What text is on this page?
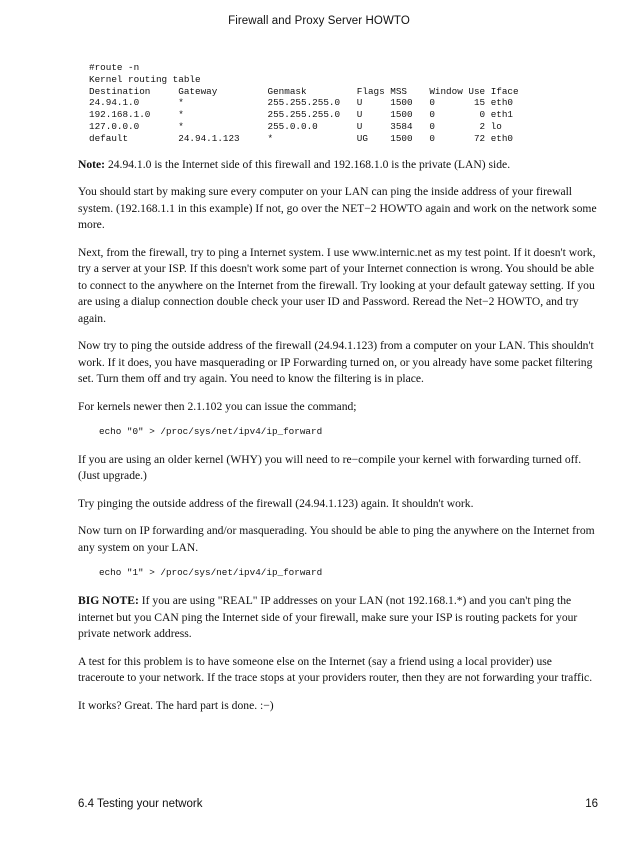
Firewall and Proxy Server HOWTO
#route -n
Kernel routing table
Destination     Gateway         Genmask         Flags MSS    Window Use Iface
24.94.1.0       *               255.255.255.0   U     1500   0       15 eth0
192.168.1.0     *               255.255.255.0   U     1500   0        0 eth1
127.0.0.0       *               255.0.0.0       U     3584   0        2 lo
default         24.94.1.123     *               UG    1500   0       72 eth0

Note: 24.94.1.0 is the Internet side of this firewall and 192.168.1.0 is the private (LAN) side.

You should start by making sure every computer on your LAN can ping the inside address of your firewall system. (192.168.1.1 in this example) If not, go over the NET−2 HOWTO again and work on the network some more.

Next, from the firewall, try to ping a Internet system. I use www.internic.net as my test point. If it doesn't work, try a server at your ISP. If this doesn't work some part of your Internet connection is wrong. You should be able to connect to the anywhere on the Internet from the firewall. Try looking at your default gateway setting. If you are using a dialup connection double check your user ID and Password. Reread the Net−2 HOWTO, and try again.

Now try to ping the outside address of the firewall (24.94.1.123) from a computer on your LAN. This shouldn't work. If it does, you have masquerading or IP Forwarding turned on, or you already have some packet filtering set. Turn them off and try again. You need to know the filtering is in place.

For kernels newer then 2.1.102 you can issue the command;

echo "0" > /proc/sys/net/ipv4/ip_forward

If you are using an older kernel (WHY) you will need to re−compile your kernel with forwarding turned off. (Just upgrade.)

Try pinging the outside address of the firewall (24.94.1.123) again. It shouldn't work.

Now turn on IP forwarding and/or masquerading. You should be able to ping the anywhere on the Internet from any system on your LAN.

echo "1" > /proc/sys/net/ipv4/ip_forward

BIG NOTE: If you are using "REAL" IP addresses on your LAN (not 192.168.1.*) and you can't ping the internet but you CAN ping the Internet side of your firewall, make sure your ISP is routing packets for your private network address.

A test for this problem is to have someone else on the Internet (say a friend using a local provider) use traceroute to your network. If the trace stops at your providers router, then they are not forwarding your traffic.

It works? Great. The hard part is done. :−)

6.4 Testing your network	16
